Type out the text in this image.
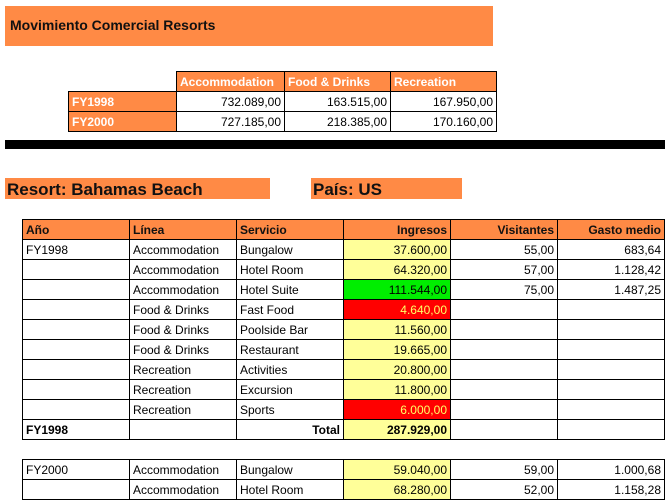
Movimiento Comercial Resorts
	Accommodation	Food & Drinks	Recreation
FY1998	732.089,00	163.515,00	167.950,00
FY2000	727.185,00	218.385,00	170.160,00
Resort: Bahamas Beach	País: US
Año	Línea	Servicio	Ingresos	Visitantes	Gasto medio
FY1998	Accommodation	Bungalow	37.600,00	55,00	683,64
	Accommodation	Hotel Room	64.320,00	57,00	1.128,42
	Accommodation	Hotel Suite	111.544,00	75,00	1.487,25
	Food & Drinks	Fast Food	4.640,00		
	Food & Drinks	Poolside Bar	11.560,00		
	Food & Drinks	Restaurant	19.665,00		
	Recreation	Activities	20.800,00		
	Recreation	Excursion	11.800,00		
	Recreation	Sports	6.000,00		
FY1998		Total	287.929,00		

FY2000	Accommodation	Bungalow	59.040,00	59,00	1.000,68
	Accommodation	Hotel Room	68.280,00	52,00	1.158,28
